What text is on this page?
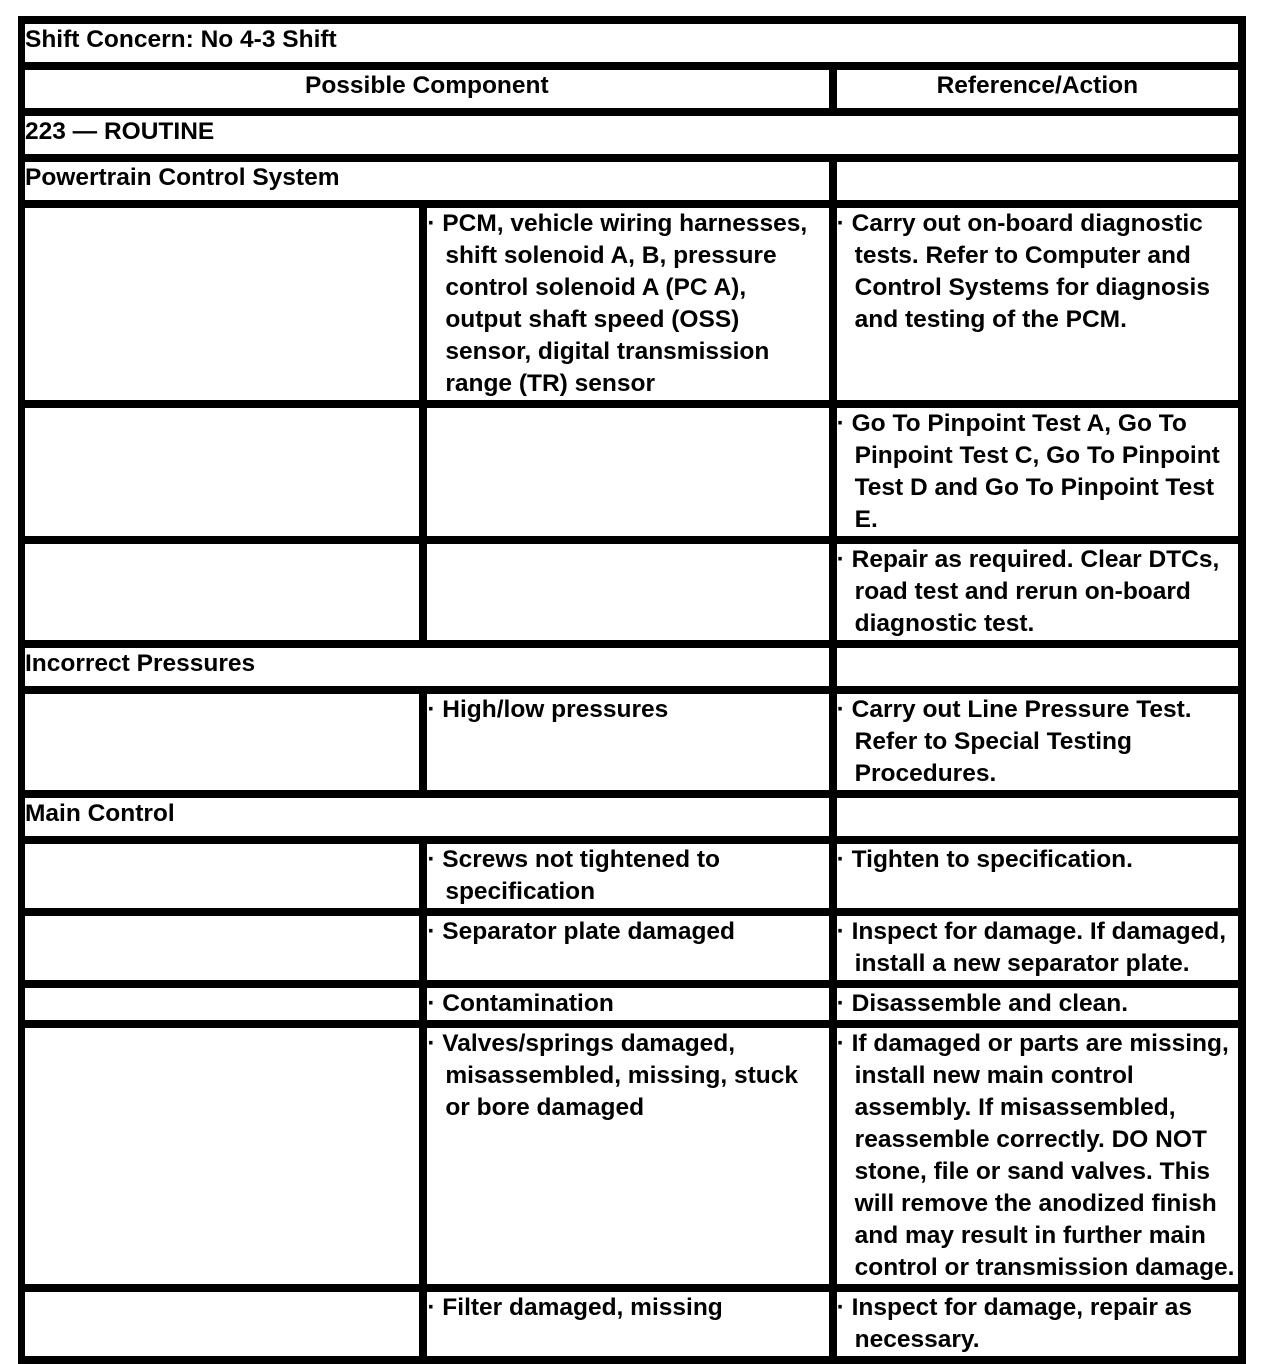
Shift Concern: No 4-3 Shift		
Possible Component		Reference/Action
223 — ROUTINE		
Powertrain Control System		

	· PCM, vehicle wiring harnesses, shift solenoid A, B, pressure control solenoid A (PC A), output shaft speed (OSS) sensor, digital transmission range (TR) sensor	· Carry out on-board diagnostic tests. Refer to Computer and Control Systems for diagnosis and testing of the PCM.

		· Go To Pinpoint Test A, Go To Pinpoint Test C, Go To Pinpoint Test D and Go To Pinpoint Test E.

		· Repair as required. Clear DTCs, road test and rerun on-board diagnostic test.

Incorrect Pressures		

	· High/low pressures	· Carry out Line Pressure Test. Refer to Special Testing Procedures.

Main Control		

	· Screws not tightened to specification	· Tighten to specification.

	· Separator plate damaged	· Inspect for damage. If damaged, install a new separator plate.

	· Contamination	· Disassemble and clean.

	· Valves/springs damaged, misassembled, missing, stuck or bore damaged	· If damaged or parts are missing, install new main control assembly. If misassembled, reassemble correctly. DO NOT stone, file or sand valves. This will remove the anodized finish and may result in further main control or transmission damage.

	· Filter damaged, missing	· Inspect for damage, repair as necessary.
